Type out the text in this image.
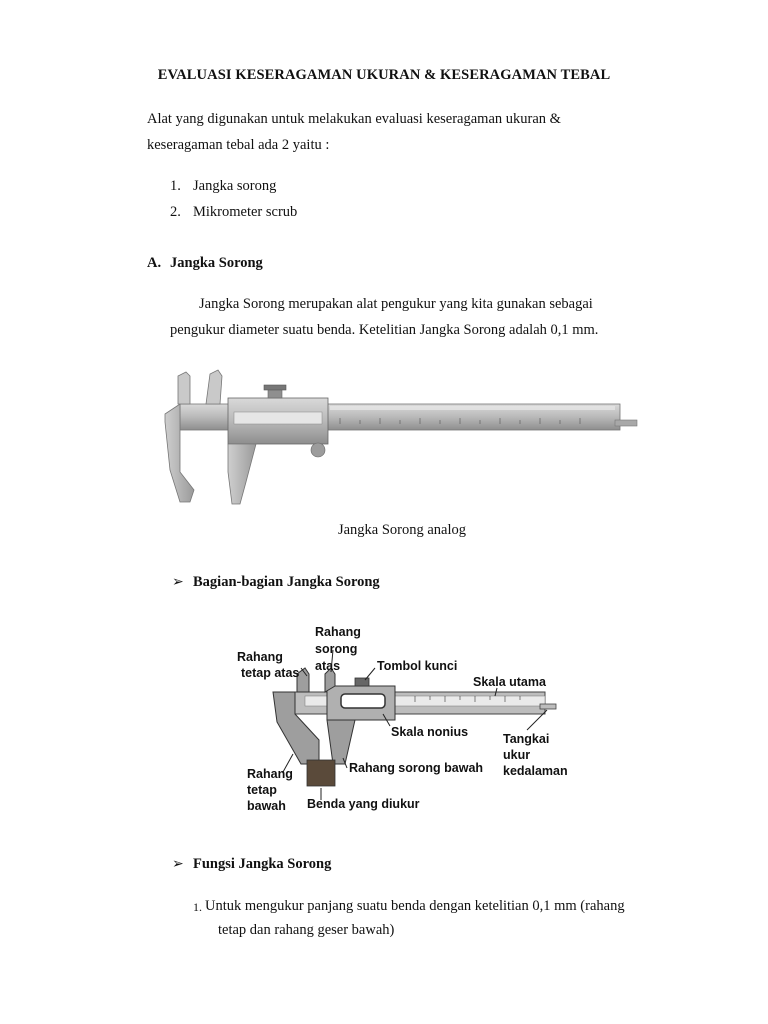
EVALUASI KESERAGAMAN UKURAN & KESERAGAMAN TEBAL
Alat yang digunakan untuk melakukan evaluasi keseragaman ukuran &
keseragaman tebal ada 2 yaitu :
1. Jangka sorong
2. Mikrometer scrub
A. Jangka Sorong
Jangka Sorong merupakan alat pengukur yang kita gunakan sebagai
pengukur diameter suatu benda. Ketelitian Jangka Sorong adalah 0,1 mm.
Jangka Sorong analog
➢ Bagian-bagian Jangka Sorong
Rahang
tetap atas
Rahang
sorong
atas	Tombol kunci
Skala utama
Skala nonius	Tangkai
ukur
kedalaman
Rahang sorong bawah
Rahang
tetap
bawah Benda yang diukur
➢ Fungsi Jangka Sorong
1. Untuk mengukur panjang suatu benda dengan ketelitian 0,1 mm (rahang
tetap dan rahang geser bawah)
